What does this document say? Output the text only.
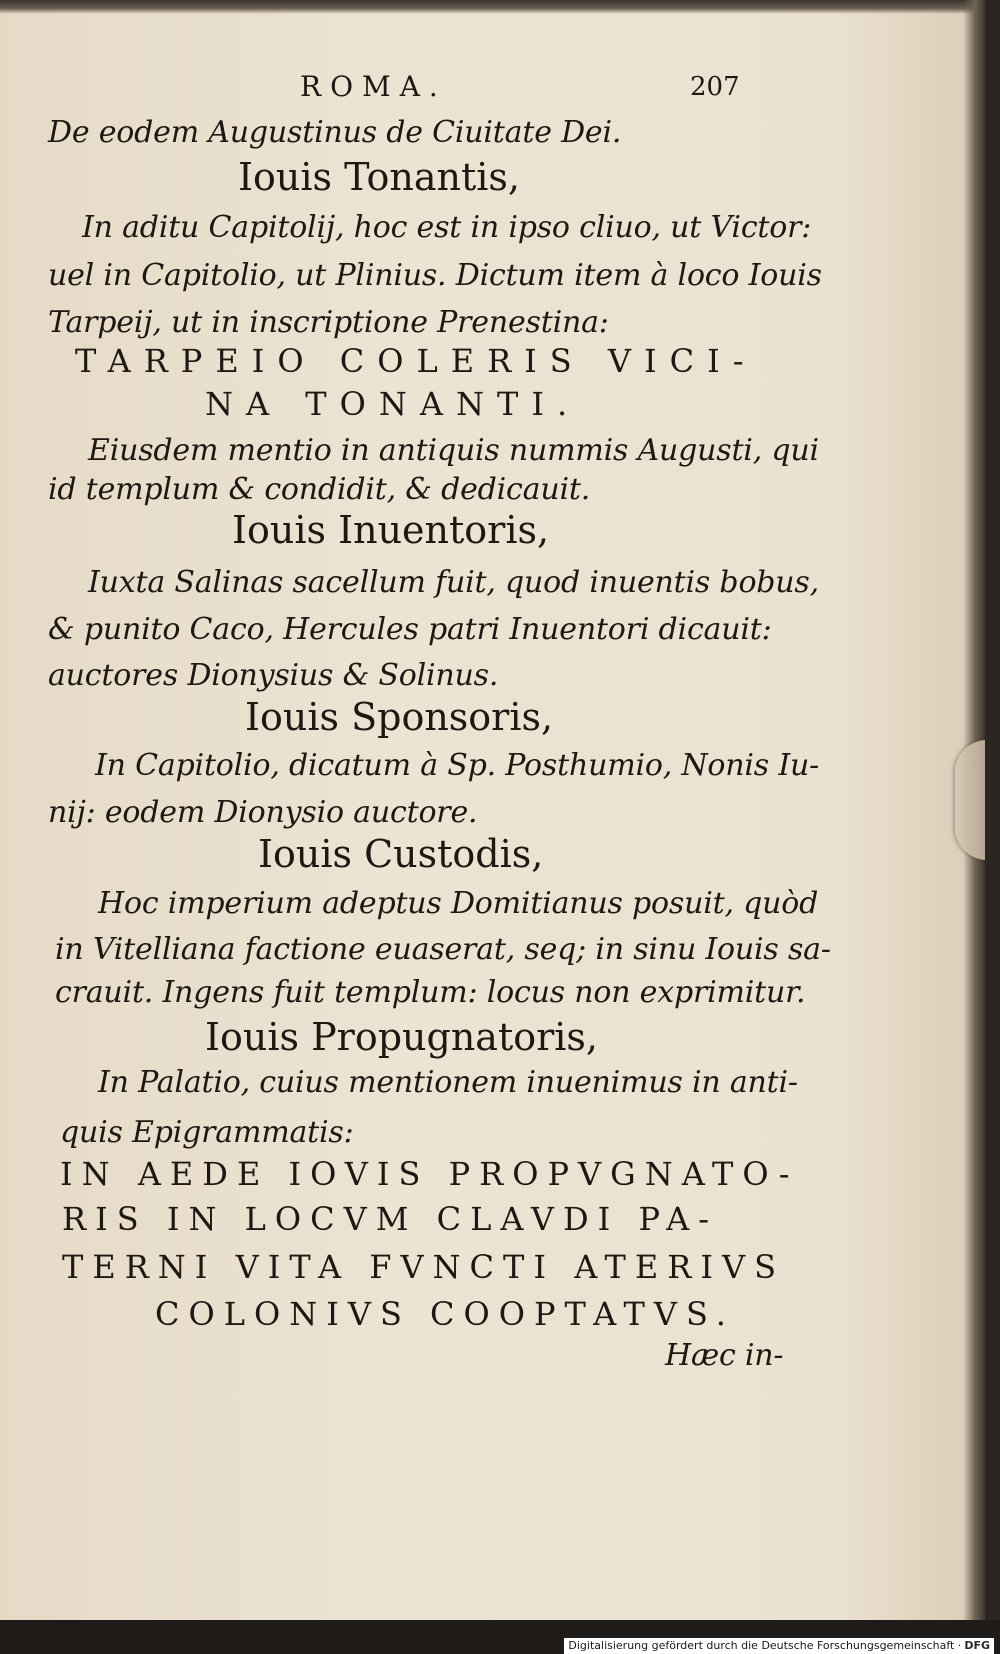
ROMA.	207
De eodem Augustinus de Ciuitate Dei.
Iouis Tonantis,
In aditu Capitolij, hoc est in ipso cliuo, ut Victor:
uel in Capitolio, ut Plinius. Dictum item à loco Iouis
Tarpeij, ut in inscriptione Prenestina:
TARPEIO COLERIS VICI-
NA TONANTI.
Eiusdem mentio in antiquis nummis Augusti, qui
id templum & condidit, & dedicauit.
Iouis Inuentoris,
Iuxta Salinas sacellum fuit, quod inuentis bobus,
& punito Caco, Hercules patri Inuentori dicauit:
auctores Dionysius & Solinus.
Iouis Sponsoris,
In Capitolio, dicatum à Sp. Posthumio, Nonis Iu-
nij: eodem Dionysio auctore.
Iouis Custodis,
Hoc imperium adeptus Domitianus posuit, quòd
in Vitelliana factione euaserat, seq; in sinu Iouis sa-
crauit. Ingens fuit templum: locus non exprimitur.
Iouis Propugnatoris,
In Palatio, cuius mentionem inuenimus in anti-
quis Epigrammatis:
IN AEDE IOVIS PROPVGNATO-
RIS IN LOCVM CLAVDI PA-
TERNI VITA FVNCTI ATERIVS
COLONIVS COOPTATVS.
Hæc in-
Digitalisierung gefördert durch die Deutsche Forschungsgemeinschaft · DFG
